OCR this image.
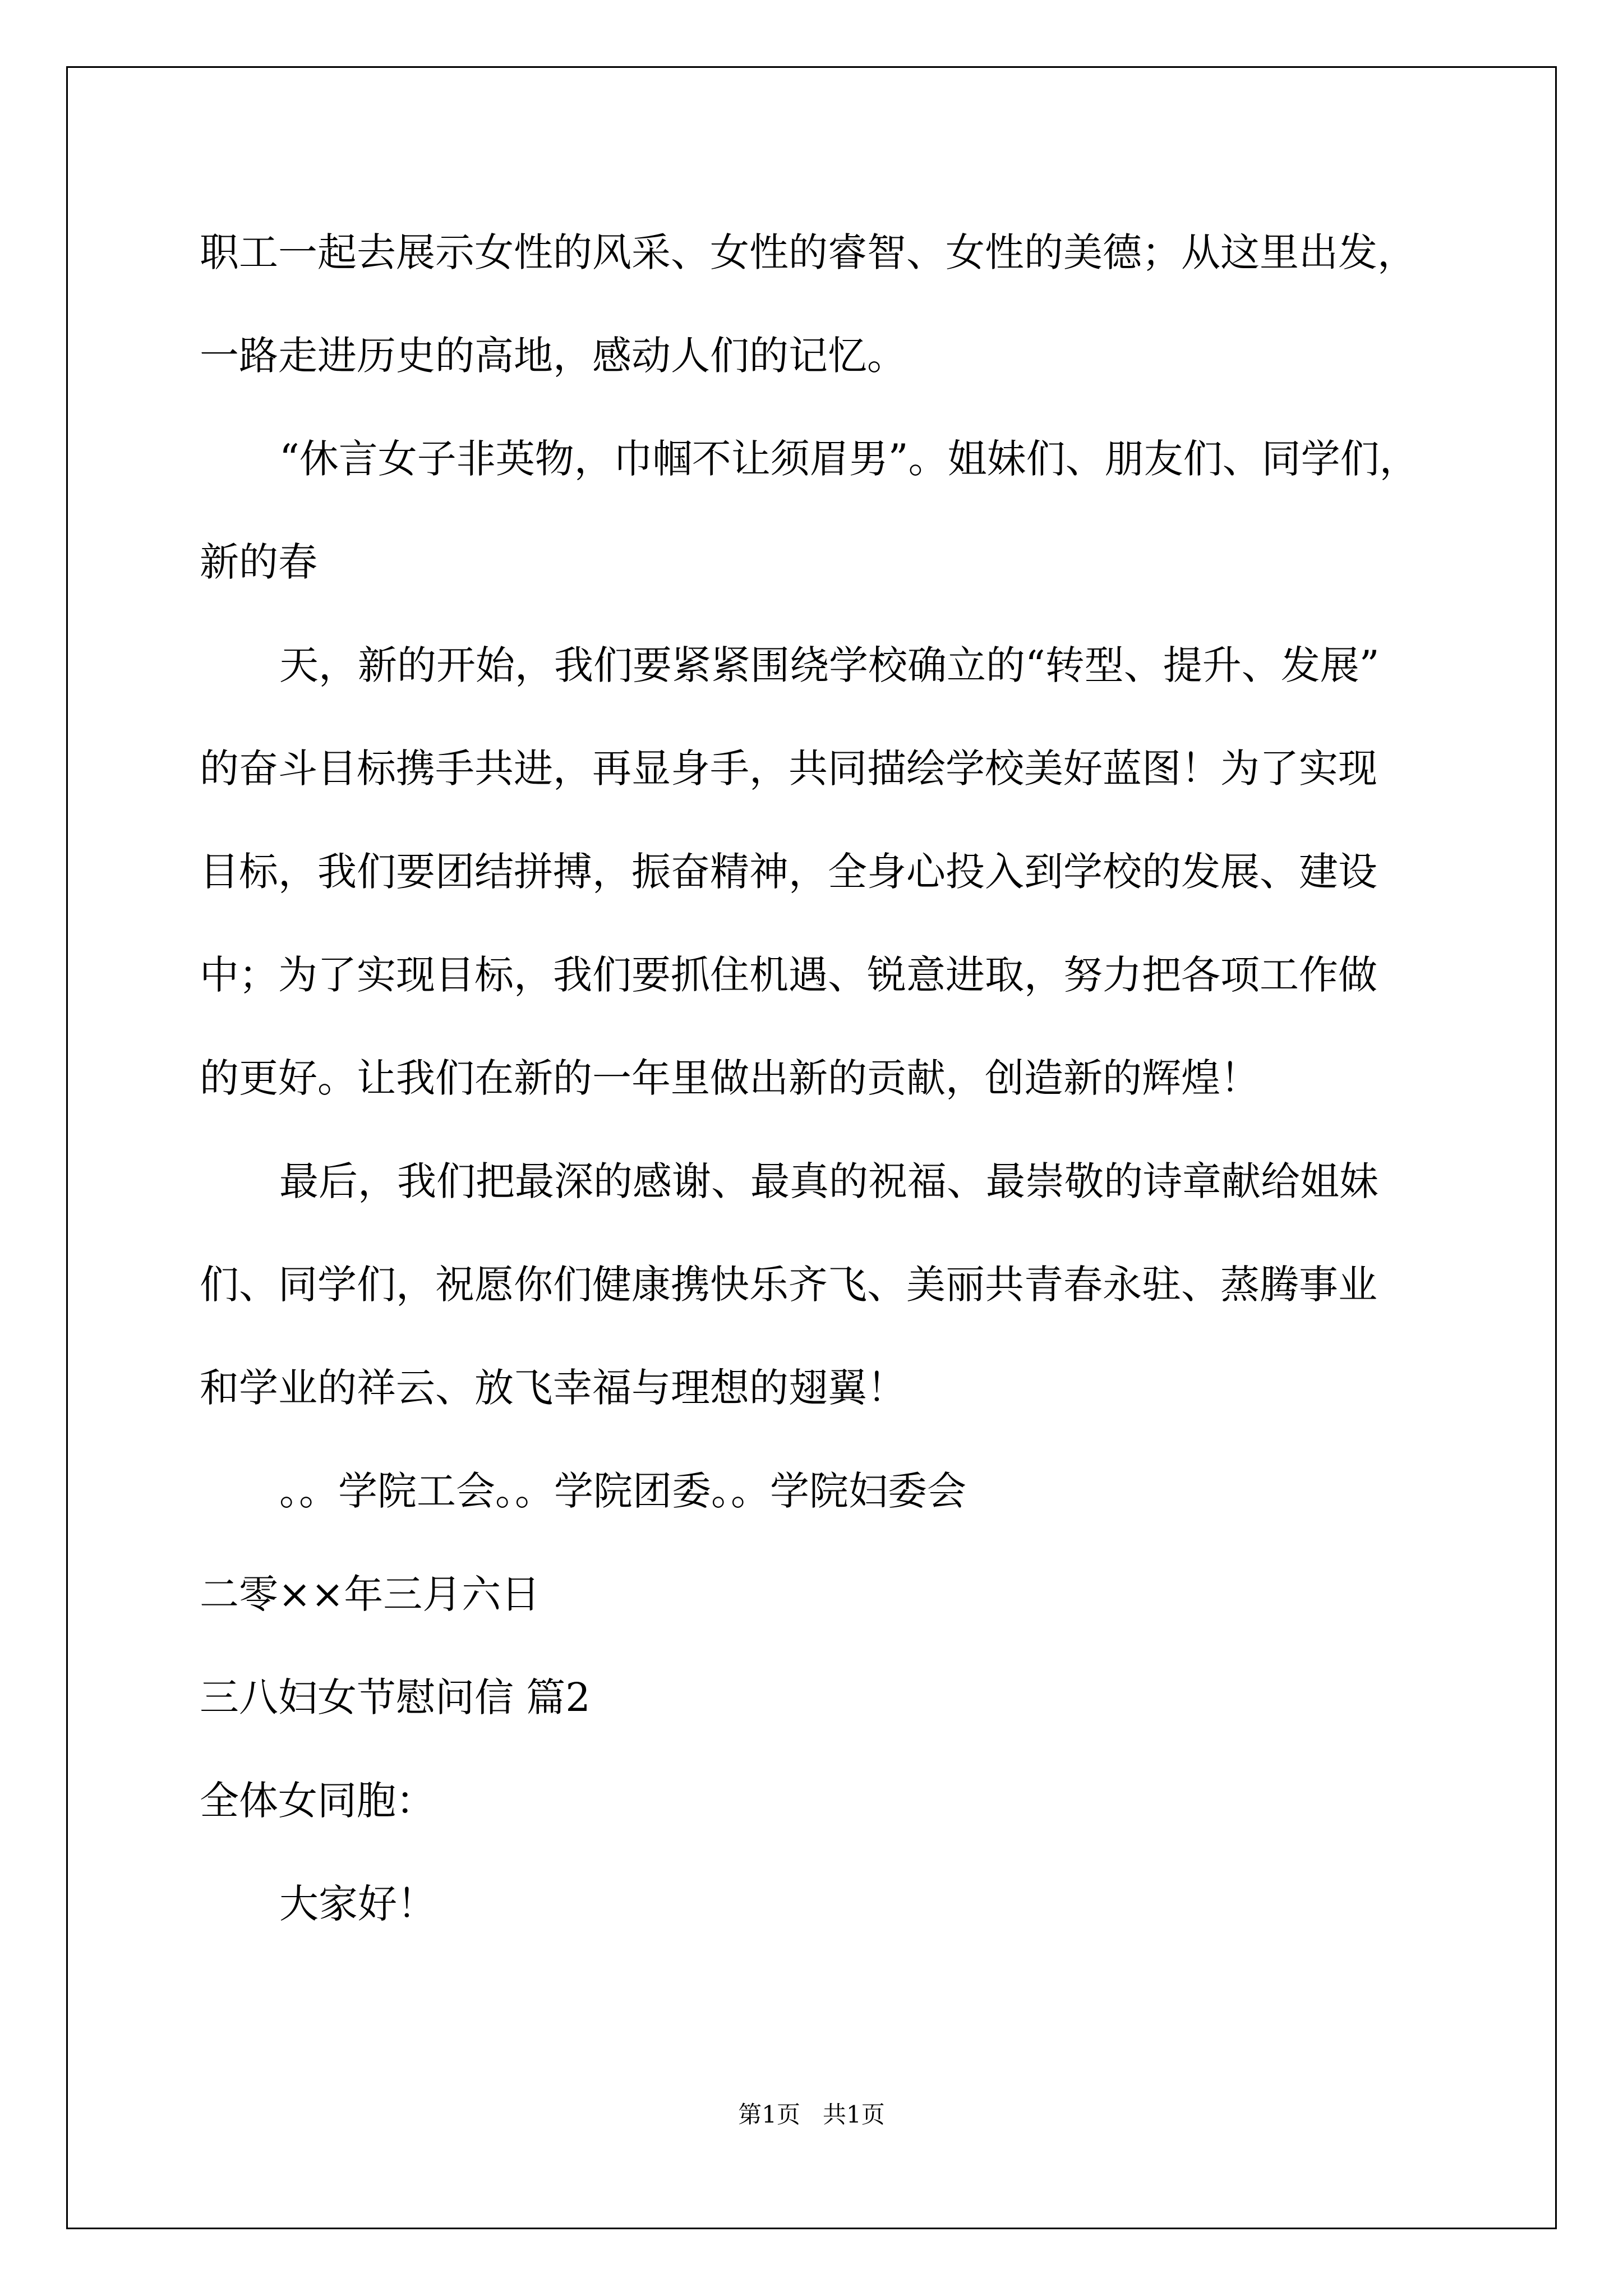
职工一起去展示女性的风采、女性的睿智、女性的美德；从这里出发，
一路走进历史的高地，感动人们的记忆。
“休言女子非英物，巾帼不让须眉男”。姐妹们、朋友们、同学们，
新的春
天，新的开始，我们要紧紧围绕学校确立的“转型、提升、发展”
的奋斗目标携手共进，再显身手，共同描绘学校美好蓝图！为了实现
目标，我们要团结拼搏，振奋精神，全身心投入到学校的发展、建设
中；为了实现目标，我们要抓住机遇、锐意进取，努力把各项工作做
的更好。让我们在新的一年里做出新的贡献，创造新的辉煌！
最后，我们把最深的感谢、最真的祝福、最崇敬的诗章献给姐妹
们、同学们，祝愿你们健康携快乐齐飞、美丽共青春永驻、蒸腾事业
和学业的祥云、放飞幸福与理想的翅翼！
。。学院工会。。学院团委。。学院妇委会
二零××年三月六日
三八妇女节慰问信 篇2
全体女同胞：
大家好！
第1页   共1页
